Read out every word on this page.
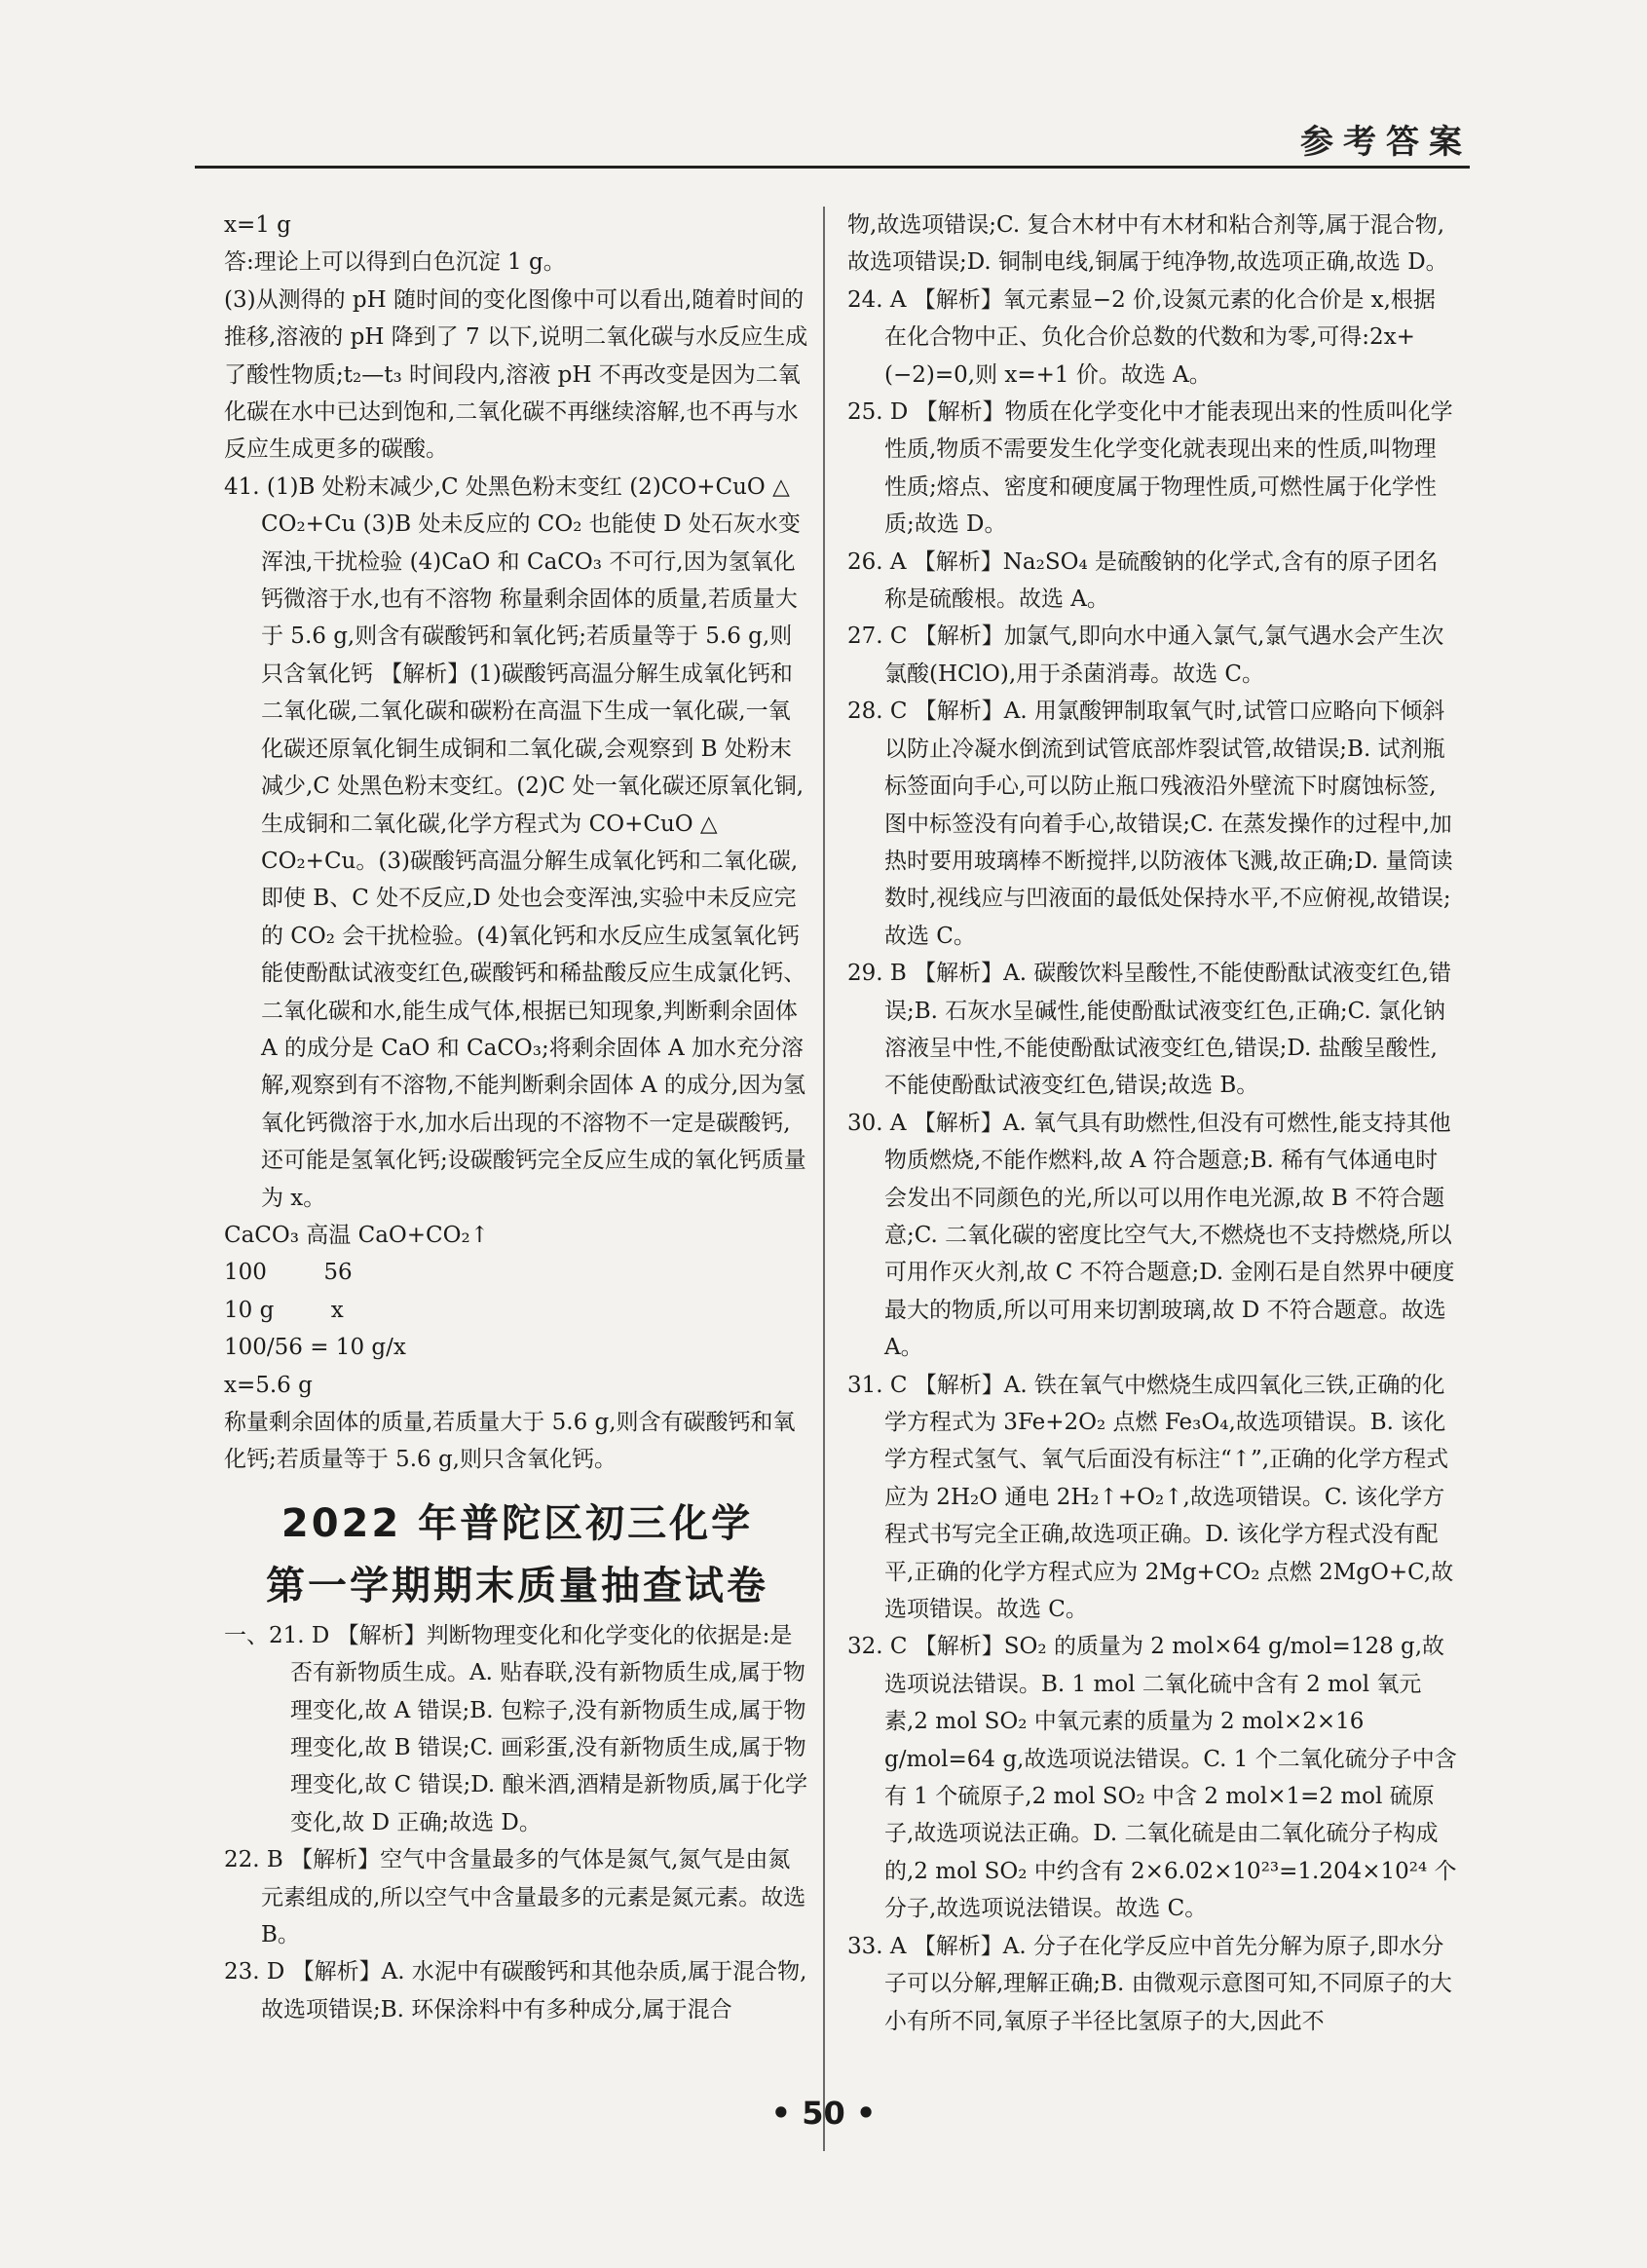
参考答案
x=1 g
答:理论上可以得到白色沉淀 1 g。
(3)从测得的 pH 随时间的变化图像中可以看出,随着时间的推移,溶液的 pH 降到了 7 以下,说明二氧化碳与水反应生成了酸性物质;t₂—t₃ 时间段内,溶液 pH 不再改变是因为二氧化碳在水中已达到饱和,二氧化碳不再继续溶解,也不再与水反应生成更多的碳酸。
41. (1)B 处粉末减少,C 处黑色粉末变红 (2)CO+CuO △ CO₂+Cu (3)B 处未反应的 CO₂ 也能使 D 处石灰水变浑浊,干扰检验 (4)CaO 和 CaCO₃ 不可行,因为氢氧化钙微溶于水,也有不溶物 称量剩余固体的质量,若质量大于 5.6 g,则含有碳酸钙和氧化钙;若质量等于 5.6 g,则只含氧化钙 【解析】(1)碳酸钙高温分解生成氧化钙和二氧化碳,二氧化碳和碳粉在高温下生成一氧化碳,一氧化碳还原氧化铜生成铜和二氧化碳,会观察到 B 处粉末减少,C 处黑色粉末变红。(2)C 处一氧化碳还原氧化铜,生成铜和二氧化碳,化学方程式为 CO+CuO △ CO₂+Cu。(3)碳酸钙高温分解生成氧化钙和二氧化碳,即使 B、C 处不反应,D 处也会变浑浊,实验中未反应完的 CO₂ 会干扰检验。(4)氧化钙和水反应生成氢氧化钙能使酚酞试液变红色,碳酸钙和稀盐酸反应生成氯化钙、二氧化碳和水,能生成气体,根据已知现象,判断剩余固体 A 的成分是 CaO 和 CaCO₃;将剩余固体 A 加水充分溶解,观察到有不溶物,不能判断剩余固体 A 的成分,因为氢氧化钙微溶于水,加水后出现的不溶物不一定是碳酸钙,还可能是氢氧化钙;设碳酸钙完全反应生成的氧化钙质量为 x。
CaCO₃ 高温 CaO+CO₂↑
100        56
10 g        x
100/56 = 10 g/x
x=5.6 g
称量剩余固体的质量,若质量大于 5.6 g,则含有碳酸钙和氧化钙;若质量等于 5.6 g,则只含氧化钙。
2022 年普陀区初三化学
第一学期期末质量抽查试卷
一、21. D 【解析】判断物理变化和化学变化的依据是:是否有新物质生成。A. 贴春联,没有新物质生成,属于物理变化,故 A 错误;B. 包粽子,没有新物质生成,属于物理变化,故 B 错误;C. 画彩蛋,没有新物质生成,属于物理变化,故 C 错误;D. 酿米酒,酒精是新物质,属于化学变化,故 D 正确;故选 D。
22. B 【解析】空气中含量最多的气体是氮气,氮气是由氮元素组成的,所以空气中含量最多的元素是氮元素。故选 B。
23. D 【解析】A. 水泥中有碳酸钙和其他杂质,属于混合物,故选项错误;B. 环保涂料中有多种成分,属于混合
物,故选项错误;C. 复合木材中有木材和粘合剂等,属于混合物,故选项错误;D. 铜制电线,铜属于纯净物,故选项正确,故选 D。
24. A 【解析】氧元素显−2 价,设氮元素的化合价是 x,根据在化合物中正、负化合价总数的代数和为零,可得:2x+(−2)=0,则 x=+1 价。故选 A。
25. D 【解析】物质在化学变化中才能表现出来的性质叫化学性质,物质不需要发生化学变化就表现出来的性质,叫物理性质;熔点、密度和硬度属于物理性质,可燃性属于化学性质;故选 D。
26. A 【解析】Na₂SO₄ 是硫酸钠的化学式,含有的原子团名称是硫酸根。故选 A。
27. C 【解析】加氯气,即向水中通入氯气,氯气遇水会产生次氯酸(HClO),用于杀菌消毒。故选 C。
28. C 【解析】A. 用氯酸钾制取氧气时,试管口应略向下倾斜以防止冷凝水倒流到试管底部炸裂试管,故错误;B. 试剂瓶标签面向手心,可以防止瓶口残液沿外壁流下时腐蚀标签,图中标签没有向着手心,故错误;C. 在蒸发操作的过程中,加热时要用玻璃棒不断搅拌,以防液体飞溅,故正确;D. 量筒读数时,视线应与凹液面的最低处保持水平,不应俯视,故错误;故选 C。
29. B 【解析】A. 碳酸饮料呈酸性,不能使酚酞试液变红色,错误;B. 石灰水呈碱性,能使酚酞试液变红色,正确;C. 氯化钠溶液呈中性,不能使酚酞试液变红色,错误;D. 盐酸呈酸性,不能使酚酞试液变红色,错误;故选 B。
30. A 【解析】A. 氧气具有助燃性,但没有可燃性,能支持其他物质燃烧,不能作燃料,故 A 符合题意;B. 稀有气体通电时会发出不同颜色的光,所以可以用作电光源,故 B 不符合题意;C. 二氧化碳的密度比空气大,不燃烧也不支持燃烧,所以可用作灭火剂,故 C 不符合题意;D. 金刚石是自然界中硬度最大的物质,所以可用来切割玻璃,故 D 不符合题意。故选 A。
31. C 【解析】A. 铁在氧气中燃烧生成四氧化三铁,正确的化学方程式为 3Fe+2O₂ 点燃 Fe₃O₄,故选项错误。B. 该化学方程式氢气、氧气后面没有标注“↑”,正确的化学方程式应为 2H₂O 通电 2H₂↑+O₂↑,故选项错误。C. 该化学方程式书写完全正确,故选项正确。D. 该化学方程式没有配平,正确的化学方程式应为 2Mg+CO₂ 点燃 2MgO+C,故选项错误。故选 C。
32. C 【解析】SO₂ 的质量为 2 mol×64 g/mol=128 g,故选项说法错误。B. 1 mol 二氧化硫中含有 2 mol 氧元素,2 mol SO₂ 中氧元素的质量为 2 mol×2×16 g/mol=64 g,故选项说法错误。C. 1 个二氧化硫分子中含有 1 个硫原子,2 mol SO₂ 中含 2 mol×1=2 mol 硫原子,故选项说法正确。D. 二氧化硫是由二氧化硫分子构成的,2 mol SO₂ 中约含有 2×6.02×10²³=1.204×10²⁴ 个分子,故选项说法错误。故选 C。
33. A 【解析】A. 分子在化学反应中首先分解为原子,即水分子可以分解,理解正确;B. 由微观示意图可知,不同原子的大小有所不同,氧原子半径比氢原子的大,因此不
• 50 •
